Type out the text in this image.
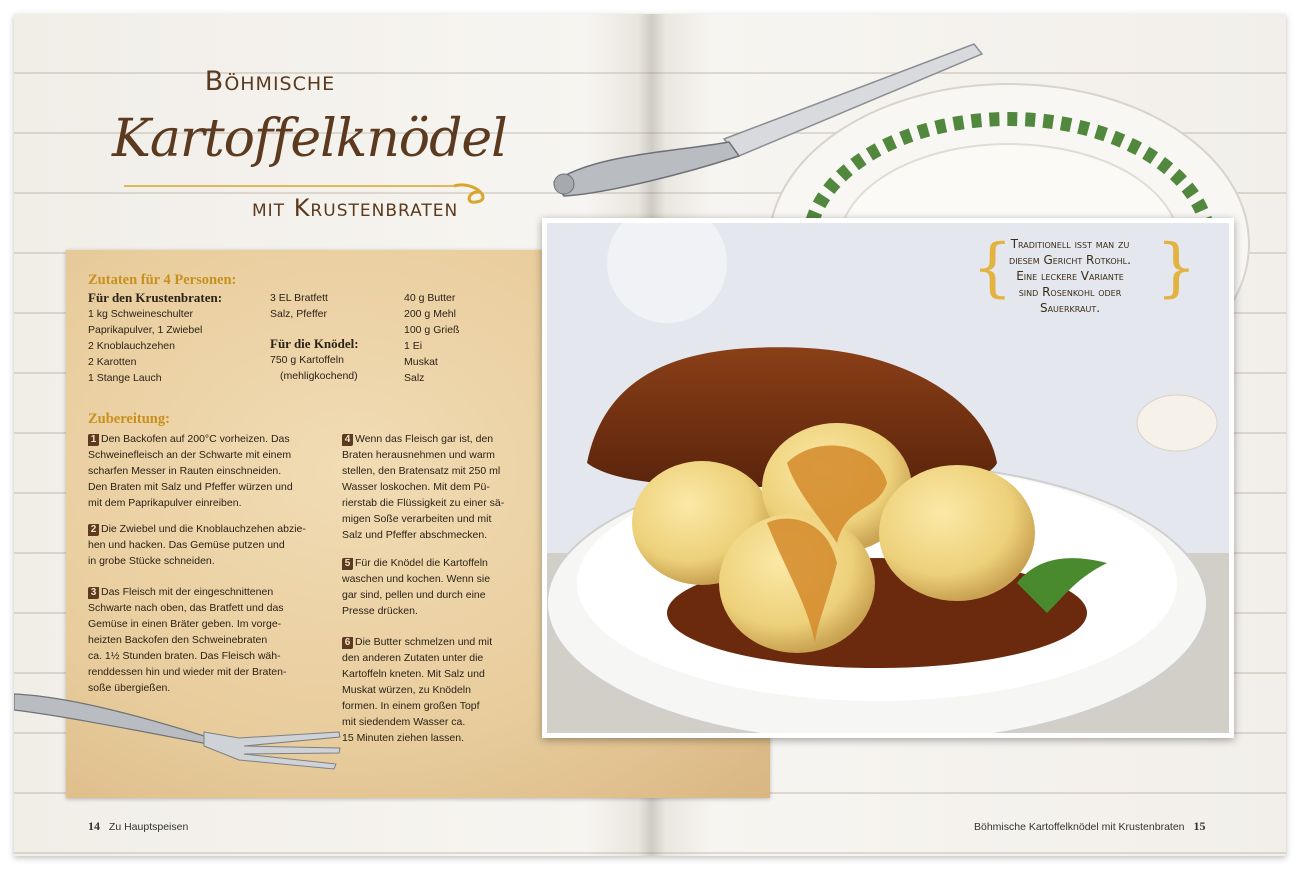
Böhmische
Kartoffelknödel
mit Krustenbraten
Zutaten für 4 Personen:
Für den Krustenbraten:
1 kg Schweineschulter
Paprikapulver, 1 Zwiebel
2 Knoblauchzehen
2 Karotten
1 Stange Lauch
3 EL Bratfett
Salz, Pfeffer
Für die Knödel:
750 g Kartoffeln
(mehligkochend)
40 g Butter
200 g Mehl
100 g Grieß
1 Ei
Muskat
Salz
Zubereitung:
1 Den Backofen auf 200°C vorheizen. Das
Schweinefleisch an der Schwarte mit einem
scharfen Messer in Rauten einschneiden.
Den Braten mit Salz und Pfeffer würzen und
mit dem Paprikapulver einreiben.
2 Die Zwiebel und die Knoblauchzehen abzie-
hen und hacken. Das Gemüse putzen und
in grobe Stücke schneiden.
3 Das Fleisch mit der eingeschnittenen
Schwarte nach oben, das Bratfett und das
Gemüse in einen Bräter geben. Im vorge-
heizten Backofen den Schweinebraten
ca. 1½ Stunden braten. Das Fleisch wäh-
renddessen hin und wieder mit der Braten-
soße übergießen.
4 Wenn das Fleisch gar ist, den
Braten herausnehmen und warm
stellen, den Bratensatz mit 250 ml
Wasser loskochen. Mit dem Pü-
rierstab die Flüssigkeit zu einer sä-
migen Soße verarbeiten und mit
Salz und Pfeffer abschmecken.
5 Für die Knödel die Kartoffeln
waschen und kochen. Wenn sie
gar sind, pellen und durch eine
Presse drücken.
6 Die Butter schmelzen und mit
den anderen Zutaten unter die
Kartoffeln kneten. Mit Salz und
Muskat würzen, zu Knödeln
formen. In einem großen Topf
mit siedendem Wasser ca.
15 Minuten ziehen lassen.
{
Traditionell isst man zu
diesem Gericht Rotkohl.
Eine leckere Variante
sind Rosenkohl oder
Sauerkraut.
}
14 Zu Hauptspeisen	Böhmische Kartoffelknödel mit Krustenbraten 15
